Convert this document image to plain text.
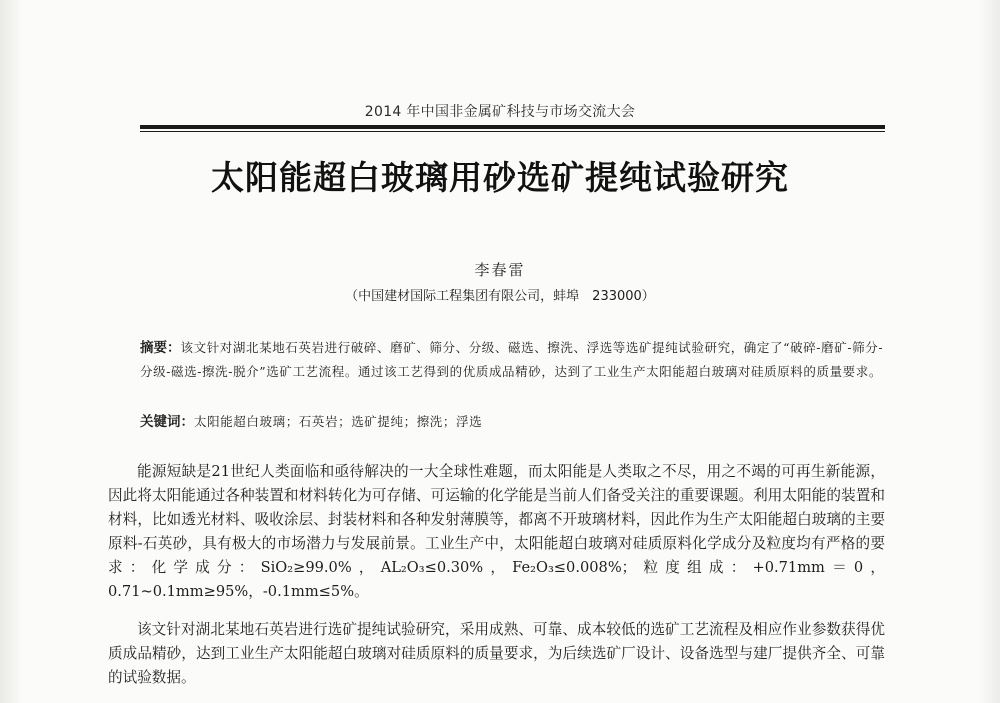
2014 年中国非金属矿科技与市场交流大会
太阳能超白玻璃用砂选矿提纯试验研究
李春雷
（中国建材国际工程集团有限公司，蚌埠　233000）
摘要：该文针对湖北某地石英岩进行破碎、磨矿、筛分、分级、磁选、擦洗、浮选等选矿提纯试验研究，确定了“破碎-磨矿-筛分-分级-磁选-擦洗-脱介”选矿工艺流程。通过该工艺得到的优质成品精砂，达到了工业生产太阳能超白玻璃对硅质原料的质量要求。
关键词：太阳能超白玻璃；石英岩；选矿提纯；擦洗；浮选

能源短缺是21世纪人类面临和亟待解决的一大全球性难题，而太阳能是人类取之不尽，用之不竭的可再生新能源，因此将太阳能通过各种装置和材料转化为可存储、可运输的化学能是当前人们备受关注的重要课题。利用太阳能的装置和材料，比如透光材料、吸收涂层、封装材料和各种发射薄膜等，都离不开玻璃材料，因此作为生产太阳能超白玻璃的主要原料-石英砂，具有极大的市场潜力与发展前景。工业生产中，太阳能超白玻璃对硅质原料化学成分及粒度均有严格的要求：化学成分：SiO₂≥99.0%，AL₂O₃≤0.30%，Fe₂O₃≤0.008%；粒度组成：+0.71mm＝0，0.71~0.1mm≥95%，-0.1mm≤5%。

该文针对湖北某地石英岩进行选矿提纯试验研究，采用成熟、可靠、成本较低的选矿工艺流程及相应作业参数获得优质成品精砂，达到工业生产太阳能超白玻璃对硅质原料的质量要求，为后续选矿厂设计、设备选型与建厂提供齐全、可靠的试验数据。
